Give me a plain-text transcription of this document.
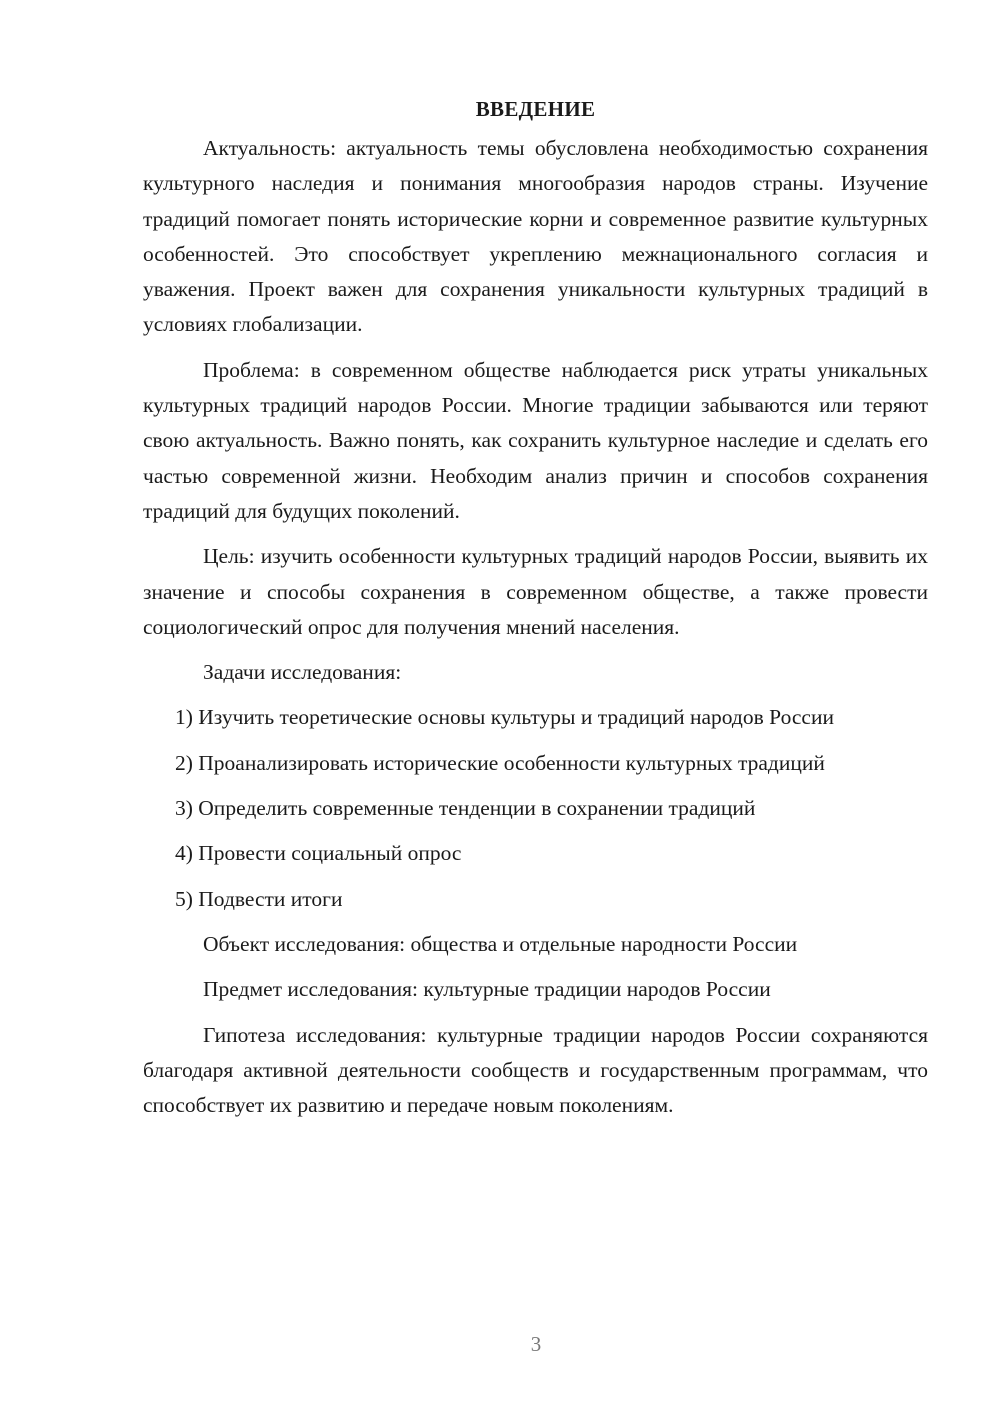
ВВЕДЕНИЕ

Актуальность: актуальность темы обусловлена необходимостью сохранения культурного наследия и понимания многообразия народов страны. Изучение традиций помогает понять исторические корни и современное развитие культурных особенностей. Это способствует укреплению межнационального согласия и уважения. Проект важен для сохранения уникальности культурных традиций в условиях глобализации.

Проблема: в современном обществе наблюдается риск утраты уникальных культурных традиций народов России. Многие традиции забываются или теряют свою актуальность. Важно понять, как сохранить культурное наследие и сделать его частью современной жизни. Необходим анализ причин и способов сохранения традиций для будущих поколений.

Цель: изучить особенности культурных традиций народов России, выявить их значение и способы сохранения в современном обществе, а также провести социологический опрос для получения мнений населения.

Задачи исследования:

1) Изучить теоретические основы культуры и традиций народов России

2) Проанализировать исторические особенности культурных традиций

3) Определить современные тенденции в сохранении традиций

4) Провести социальный опрос

5) Подвести итоги

Объект исследования: общества и отдельные народности России

Предмет исследования: культурные традиции народов России

Гипотеза исследования: культурные традиции народов России сохраняются благодаря активной деятельности сообществ и государственным программам, что способствует их развитию и передаче новым поколениям.

3
